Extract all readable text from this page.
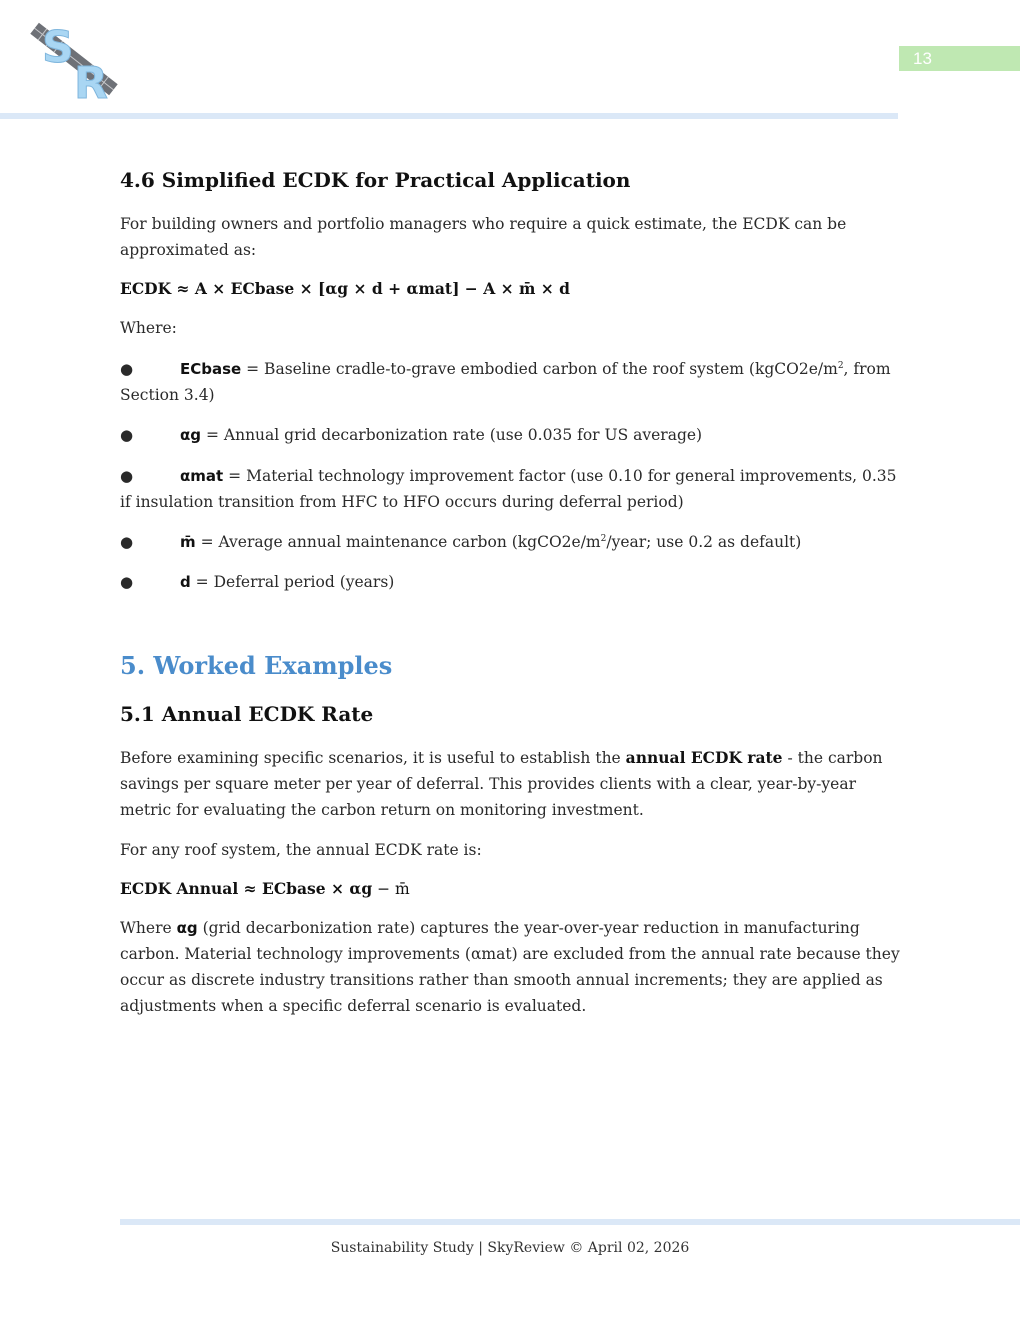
S
R	13
4.6 Simplified ECDK for Practical Application

For building owners and portfolio managers who require a quick estimate, the ECDK can be approximated as:

ECDK ≈ A × ECbase × [αg × d + αmat] − A × m̄ × d

Where:

●	ECbase = Baseline cradle-to-grave embodied carbon of the roof system ($kgCO2e/m^2$, from Section 3.4)
●	αg = Annual grid decarbonization rate (use 0.035 for US average)
●	αmat = Material technology improvement factor (use 0.10 for general improvements, 0.35 if insulation transition from HFC to HFO occurs during deferral period)
●	m̄ = Average annual maintenance carbon ($kgCO2e/m^2$/year; use 0.2 as default)
●	d = Deferral period (years)
5. Worked Examples
5.1 Annual ECDK Rate

Before examining specific scenarios, it is useful to establish the annual ECDK rate - the carbon savings per square meter per year of deferral. This provides clients with a clear, year-by-year metric for evaluating the carbon return on monitoring investment.

For any roof system, the annual ECDK rate is:

ECDK Annual ≈ ECbase × αg − m̄

Where αg (grid decarbonization rate) captures the year-over-year reduction in manufacturing carbon. Material technology improvements (αmat) are excluded from the annual rate because they occur as discrete industry transitions rather than smooth annual increments; they are applied as adjustments when a specific deferral scenario is evaluated.

Sustainability Study | SkyReview © April 02, 2026
